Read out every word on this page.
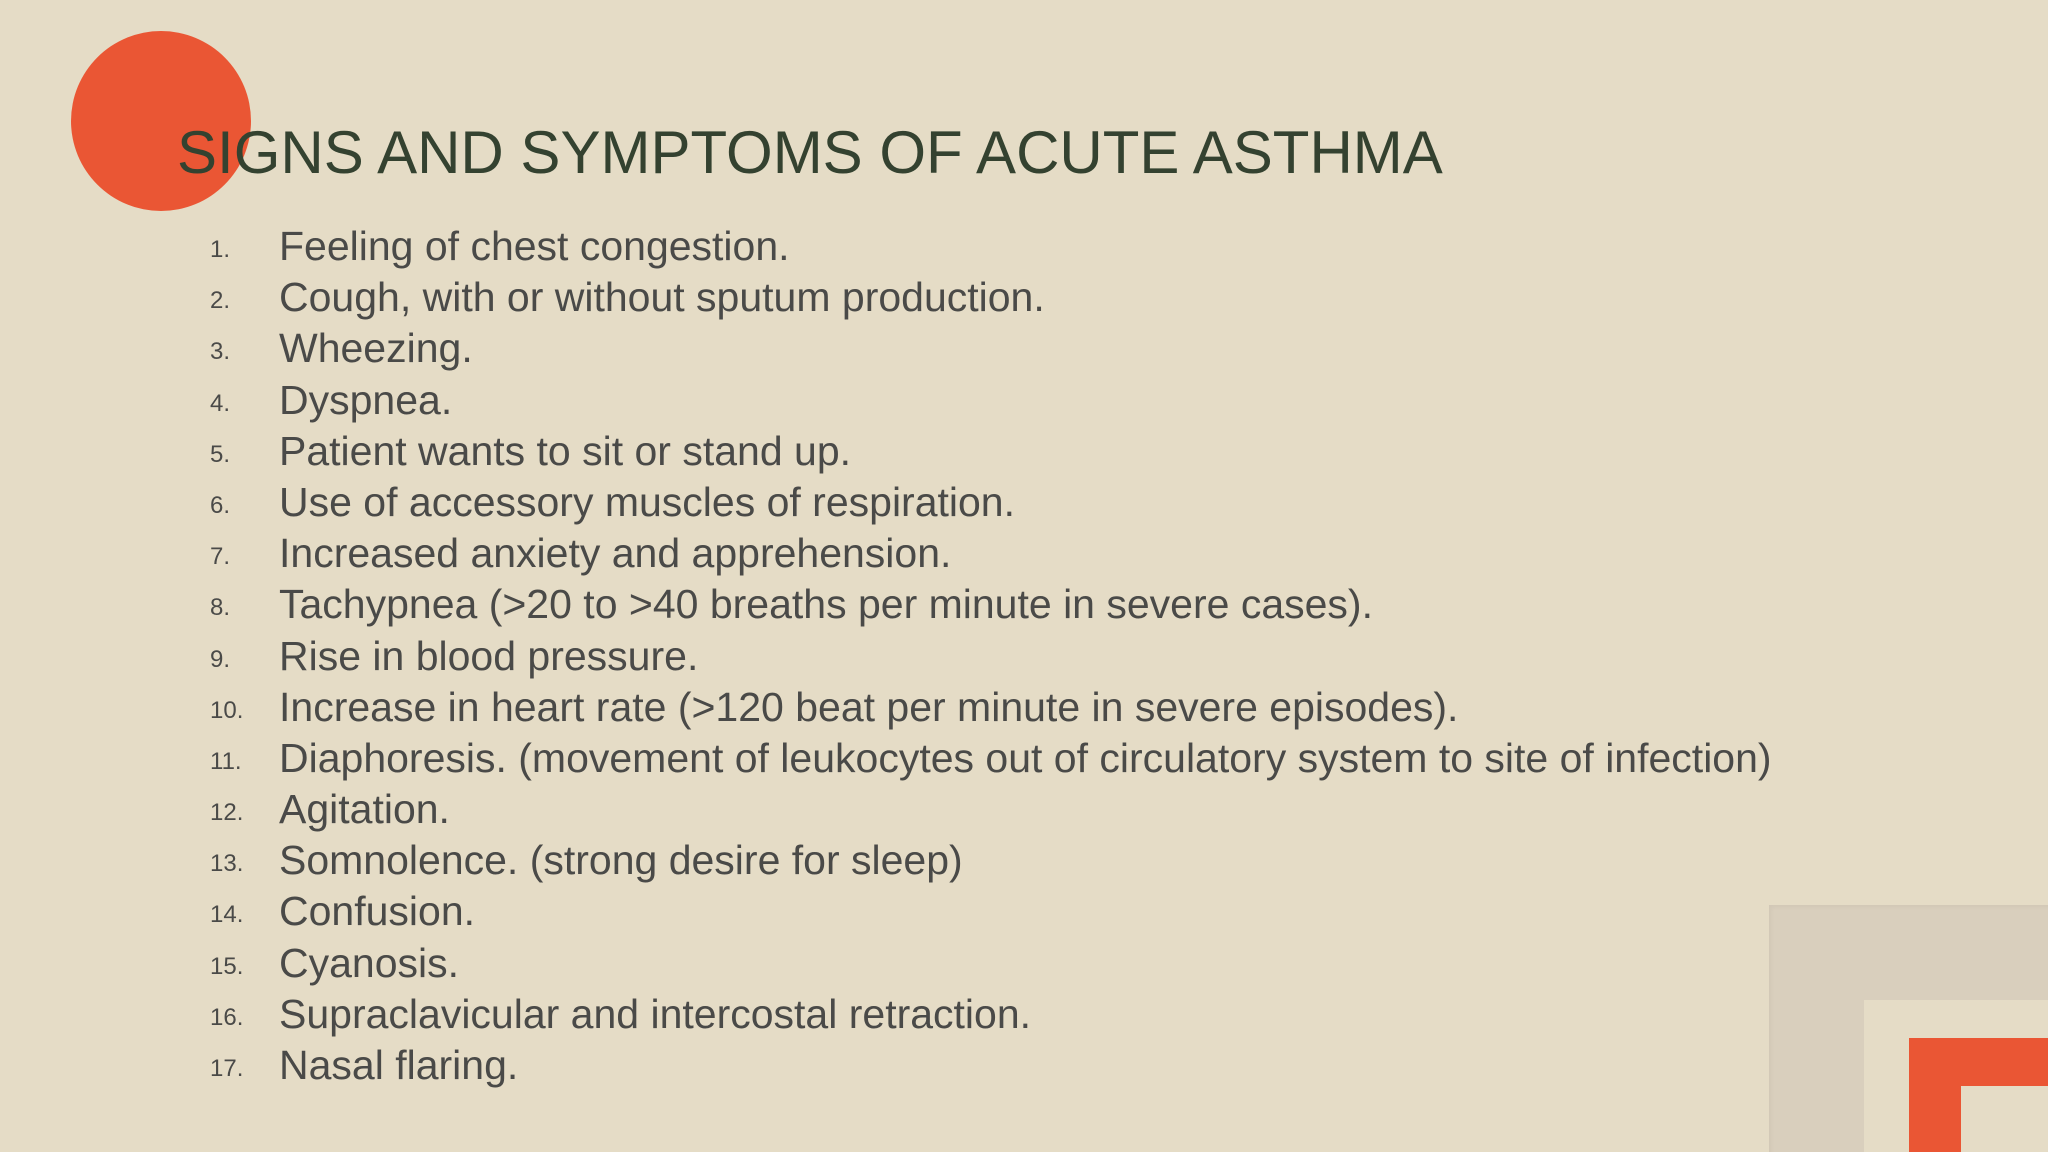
SIGNS AND SYMPTOMS OF ACUTE ASTHMA
1. Feeling of chest congestion.
2. Cough, with or without sputum production.
3. Wheezing.
4. Dyspnea.
5. Patient wants to sit or stand up.
6. Use of accessory muscles of respiration.
7. Increased anxiety and apprehension.
8. Tachypnea (>20 to >40 breaths per minute in severe cases).
9. Rise in blood pressure.
10. Increase in heart rate (>120 beat per minute in severe episodes).
11. Diaphoresis. (movement of leukocytes out of circulatory system to site of infection)
12. Agitation.
13. Somnolence. (strong desire for sleep)
14. Confusion.
15. Cyanosis.
16. Supraclavicular and intercostal retraction.
17. Nasal flaring.
